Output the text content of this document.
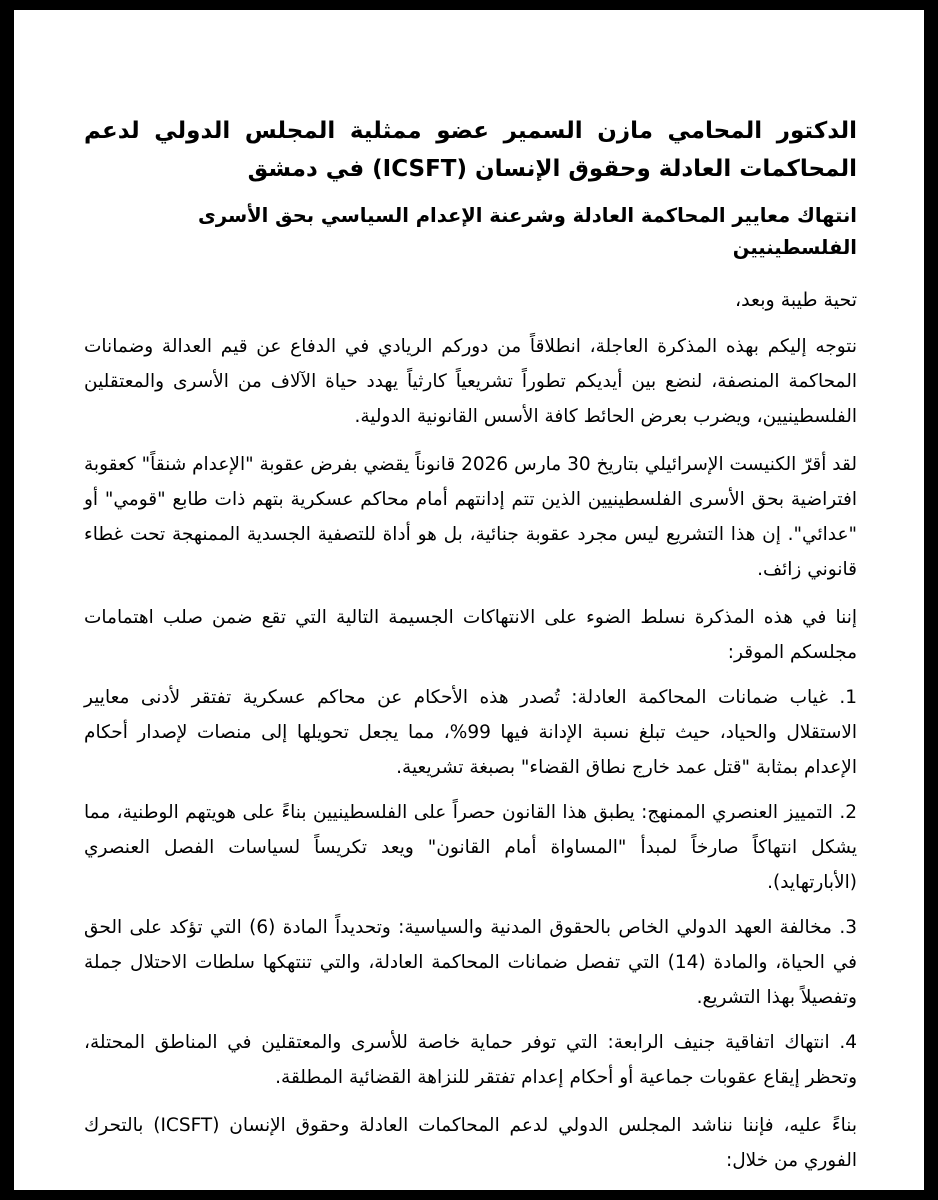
الدكتور المحامي مازن السمير عضو ممثلية المجلس الدولي لدعم المحاكمات العادلة وحقوق الإنسان (ICSFT) في دمشق

انتهاك معايير المحاكمة العادلة وشرعنة الإعدام السياسي بحق الأسرى الفلسطينيين

تحية طيبة وبعد،

نتوجه إليكم بهذه المذكرة العاجلة، انطلاقاً من دوركم الريادي في الدفاع عن قيم العدالة وضمانات المحاكمة المنصفة، لنضع بين أيديكم تطوراً تشريعياً كارثياً يهدد حياة الآلاف من الأسرى والمعتقلين الفلسطينيين، ويضرب بعرض الحائط كافة الأسس القانونية الدولية.

لقد أقرّ الكنيست الإسرائيلي بتاريخ 30 مارس 2026 قانوناً يقضي بفرض عقوبة "الإعدام شنقاً" كعقوبة افتراضية بحق الأسرى الفلسطينيين الذين تتم إدانتهم أمام محاكم عسكرية بتهم ذات طابع "قومي" أو "عدائي". إن هذا التشريع ليس مجرد عقوبة جنائية، بل هو أداة للتصفية الجسدية الممنهجة تحت غطاء قانوني زائف.

إننا في هذه المذكرة نسلط الضوء على الانتهاكات الجسيمة التالية التي تقع ضمن صلب اهتمامات مجلسكم الموقر:

1. غياب ضمانات المحاكمة العادلة: تُصدر هذه الأحكام عن محاكم عسكرية تفتقر لأدنى معايير الاستقلال والحياد، حيث تبلغ نسبة الإدانة فيها 99%، مما يجعل تحويلها إلى منصات لإصدار أحكام الإعدام بمثابة "قتل عمد خارج نطاق القضاء" بصبغة تشريعية.

2. التمييز العنصري الممنهج: يطبق هذا القانون حصراً على الفلسطينيين بناءً على هويتهم الوطنية، مما يشكل انتهاكاً صارخاً لمبدأ "المساواة أمام القانون" ويعد تكريساً لسياسات الفصل العنصري (الأبارتهايد).

3. مخالفة العهد الدولي الخاص بالحقوق المدنية والسياسية: وتحديداً المادة (6) التي تؤكد على الحق في الحياة، والمادة (14) التي تفصل ضمانات المحاكمة العادلة، والتي تنتهكها سلطات الاحتلال جملة وتفصيلاً بهذا التشريع.

4. انتهاك اتفاقية جنيف الرابعة: التي توفر حماية خاصة للأسرى والمعتقلين في المناطق المحتلة، وتحظر إيقاع عقوبات جماعية أو أحكام إعدام تفتقر للنزاهة القضائية المطلقة.

بناءً عليه، فإننا نناشد المجلس الدولي لدعم المحاكمات العادلة وحقوق الإنسان (ICSFT) بالتحرك الفوري من خلال:
